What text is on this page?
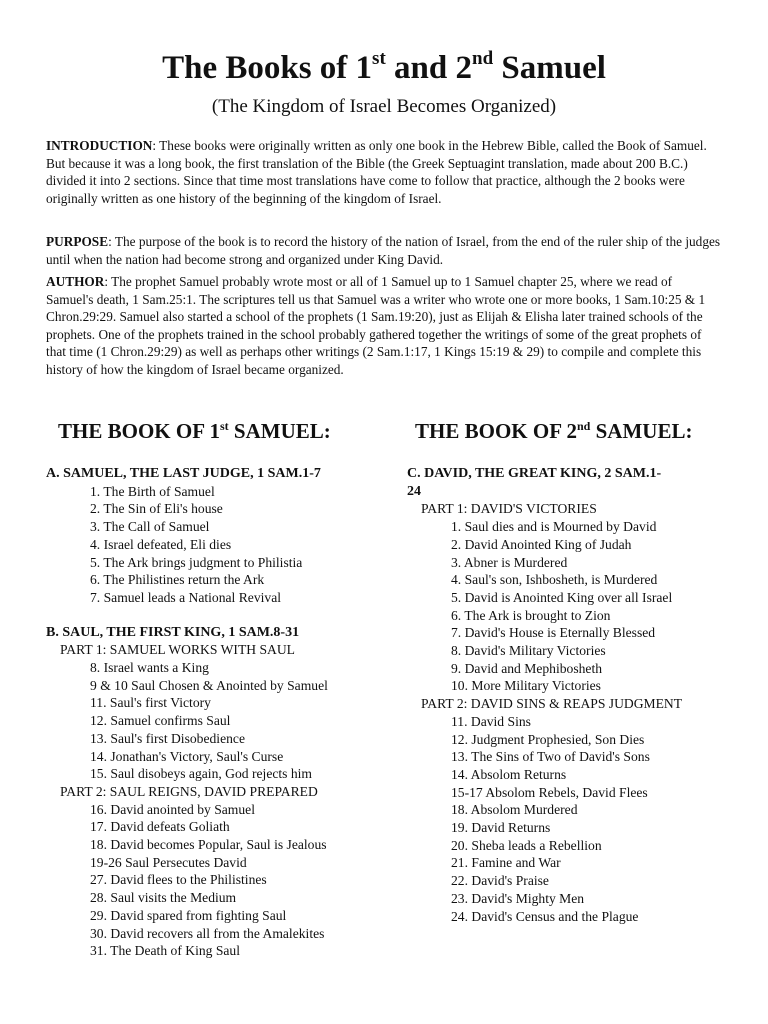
The Books of 1st and 2nd Samuel

(The Kingdom of Israel Becomes Organized)

INTRODUCTION: These books were originally written as only one book in the Hebrew Bible, called the Book of Samuel. But because it was a long book, the first translation of the Bible (the Greek Septuagint translation, made about 200 B.C.) divided it into 2 sections. Since that time most translations have come to follow that practice, although the 2 books were originally written as one history of the beginning of the kingdom of Israel.

PURPOSE: The purpose of the book is to record the history of the nation of Israel, from the end of the ruler ship of the judges until when the nation had become strong and organized under King David.

AUTHOR: The prophet Samuel probably wrote most or all of 1 Samuel up to 1 Samuel chapter 25, where we read of Samuel's death, 1 Sam.25:1. The scriptures tell us that Samuel was a writer who wrote one or more books, 1 Sam.10:25 & 1 Chron.29:29. Samuel also started a school of the prophets (1 Sam.19:20), just as Elijah & Elisha later trained schools of the prophets. One of the prophets trained in the school probably gathered together the writings of some of the great prophets of that time (1 Chron.29:29) as well as perhaps other writings (2 Sam.1:17, 1 Kings 15:19 & 29) to compile and complete this history of how the kingdom of Israel became organized.

THE BOOK OF 1st SAMUEL:	THE BOOK OF 2nd SAMUEL:

A. SAMUEL, THE LAST JUDGE, 1 SAM.1-7

1. The Birth of Samuel
2. The Sin of Eli's house
3. The Call of Samuel
4. Israel defeated, Eli dies
5. The Ark brings judgment to Philistia
6. The Philistines return the Ark
7. Samuel leads a National Revival

B. SAUL, THE FIRST KING, 1 SAM.8-31

PART 1: SAMUEL WORKS WITH SAUL

8. Israel wants a King
9 & 10 Saul Chosen & Anointed by Samuel
11. Saul's first Victory
12. Samuel confirms Saul
13. Saul's first Disobedience
14. Jonathan's Victory, Saul's Curse
15. Saul disobeys again, God rejects him

PART 2: SAUL REIGNS, DAVID PREPARED

16. David anointed by Samuel
17. David defeats Goliath
18. David becomes Popular, Saul is Jealous
19-26 Saul Persecutes David
27. David flees to the Philistines
28. Saul visits the Medium
29. David spared from fighting Saul
30. David recovers all from the Amalekites
31. The Death of King Saul

C. DAVID, THE GREAT KING, 2 SAM.1-

24

PART 1: DAVID'S VICTORIES

1. Saul dies and is Mourned by David
2. David Anointed King of Judah
3. Abner is Murdered
4. Saul's son, Ishbosheth, is Murdered
5. David is Anointed King over all Israel
6. The Ark is brought to Zion
7. David's House is Eternally Blessed
8. David's Military Victories
9. David and Mephibosheth
10. More Military Victories

PART 2: DAVID SINS & REAPS JUDGMENT

11. David Sins
12. Judgment Prophesied, Son Dies
13. The Sins of Two of David's Sons
14. Absolom Returns
15-17 Absolom Rebels, David Flees
18. Absolom Murdered
19. David Returns
20. Sheba leads a Rebellion
21. Famine and War
22. David's Praise
23. David's Mighty Men
24. David's Census and the Plague
